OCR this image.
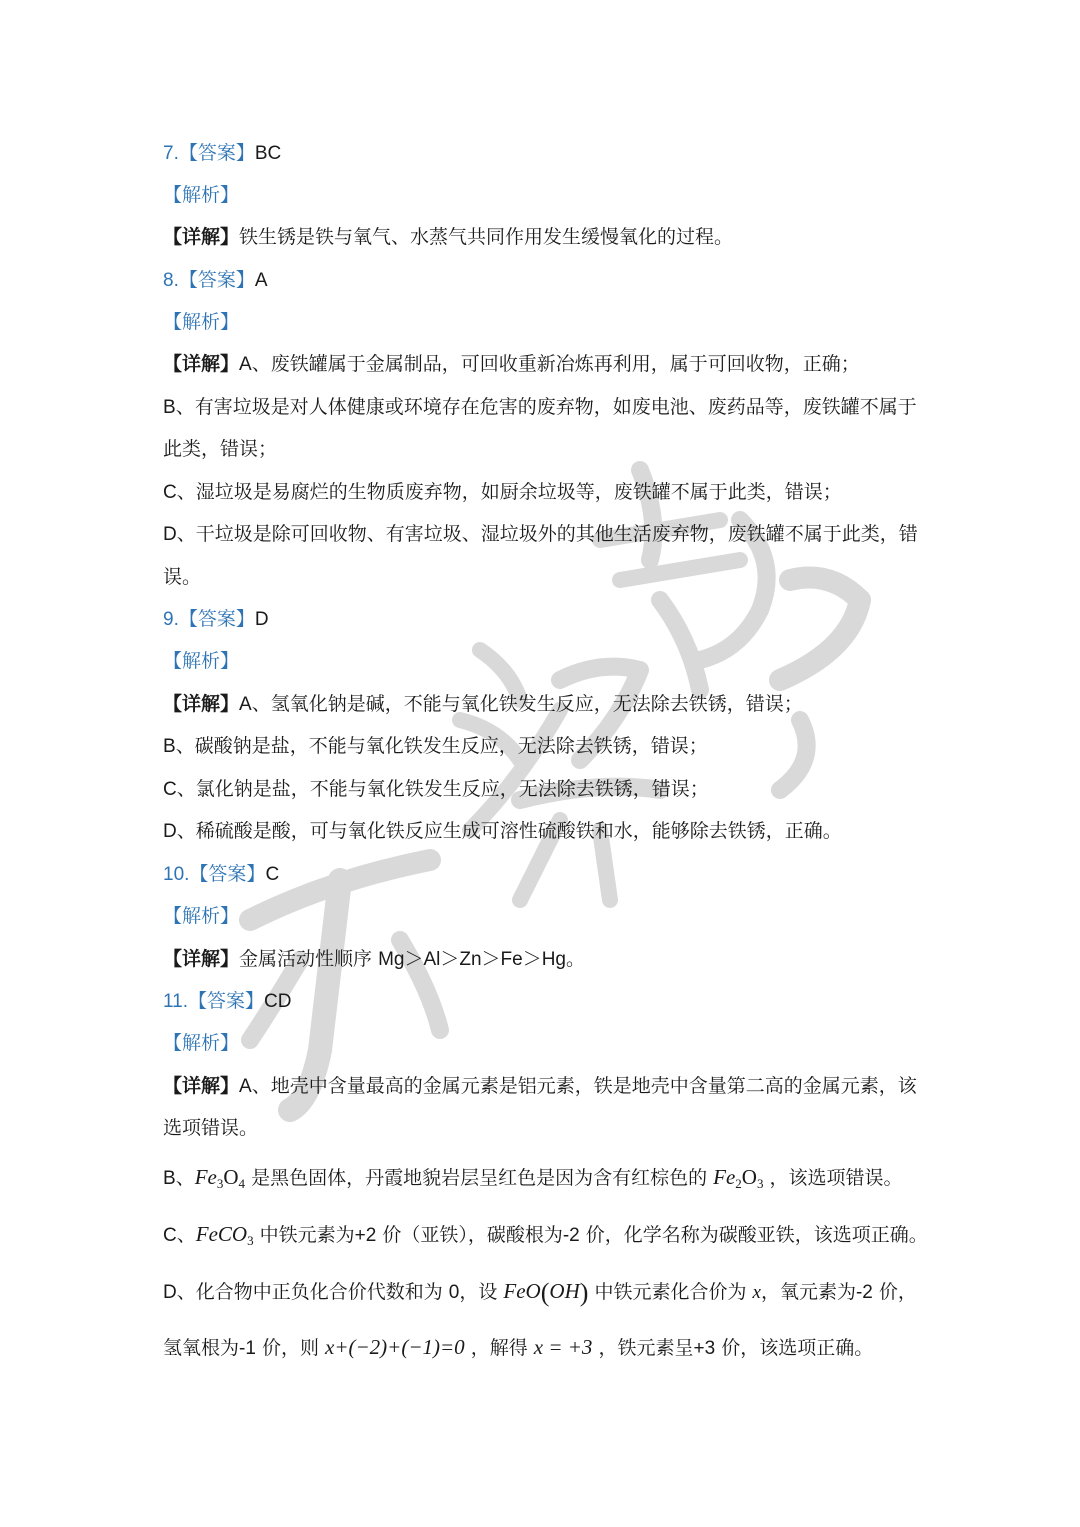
7.【答案】BC
【解析】
【详解】铁生锈是铁与氧气、水蒸气共同作用发生缓慢氧化的过程。
8.【答案】A
【解析】
【详解】A、废铁罐属于金属制品，可回收重新冶炼再利用，属于可回收物，正确；
B、有害垃圾是对人体健康或环境存在危害的废弃物，如废电池、废药品等，废铁罐不属于
此类，错误；
C、湿垃圾是易腐烂的生物质废弃物，如厨余垃圾等，废铁罐不属于此类，错误；
D、干垃圾是除可回收物、有害垃圾、湿垃圾外的其他生活废弃物，废铁罐不属于此类，错
误。
9.【答案】D
【解析】
【详解】A、氢氧化钠是碱，不能与氧化铁发生反应，无法除去铁锈，错误；
B、碳酸钠是盐，不能与氧化铁发生反应，无法除去铁锈，错误；
C、氯化钠是盐，不能与氧化铁发生反应，无法除去铁锈，错误；
D、稀硫酸是酸，可与氧化铁反应生成可溶性硫酸铁和水，能够除去铁锈，正确。
10.【答案】C
【解析】
【详解】金属活动性顺序 Mg＞Al＞Zn＞Fe＞Hg。
11.【答案】CD
【解析】
【详解】A、地壳中含量最高的金属元素是铝元素，铁是地壳中含量第二高的金属元素，该
选项错误。
B、$Fe_3O_4$ 是黑色固体，丹霞地貌岩层呈红色是因为含有红棕色的 $Fe_2O_3$ ，该选项错误。
C、FeCO$_3$ 中铁元素为+2 价（亚铁），碳酸根为-2 价，化学名称为碳酸亚铁，该选项正确。
D、化合物中正负化合价代数和为 0，设 FeO(OH) 中铁元素化合价为 x，氧元素为-2 价，
氢氧根为-1 价，则 x+(−2)+(−1)=0 ，解得 x = +3 ，铁元素呈+3 价，该选项正确。
